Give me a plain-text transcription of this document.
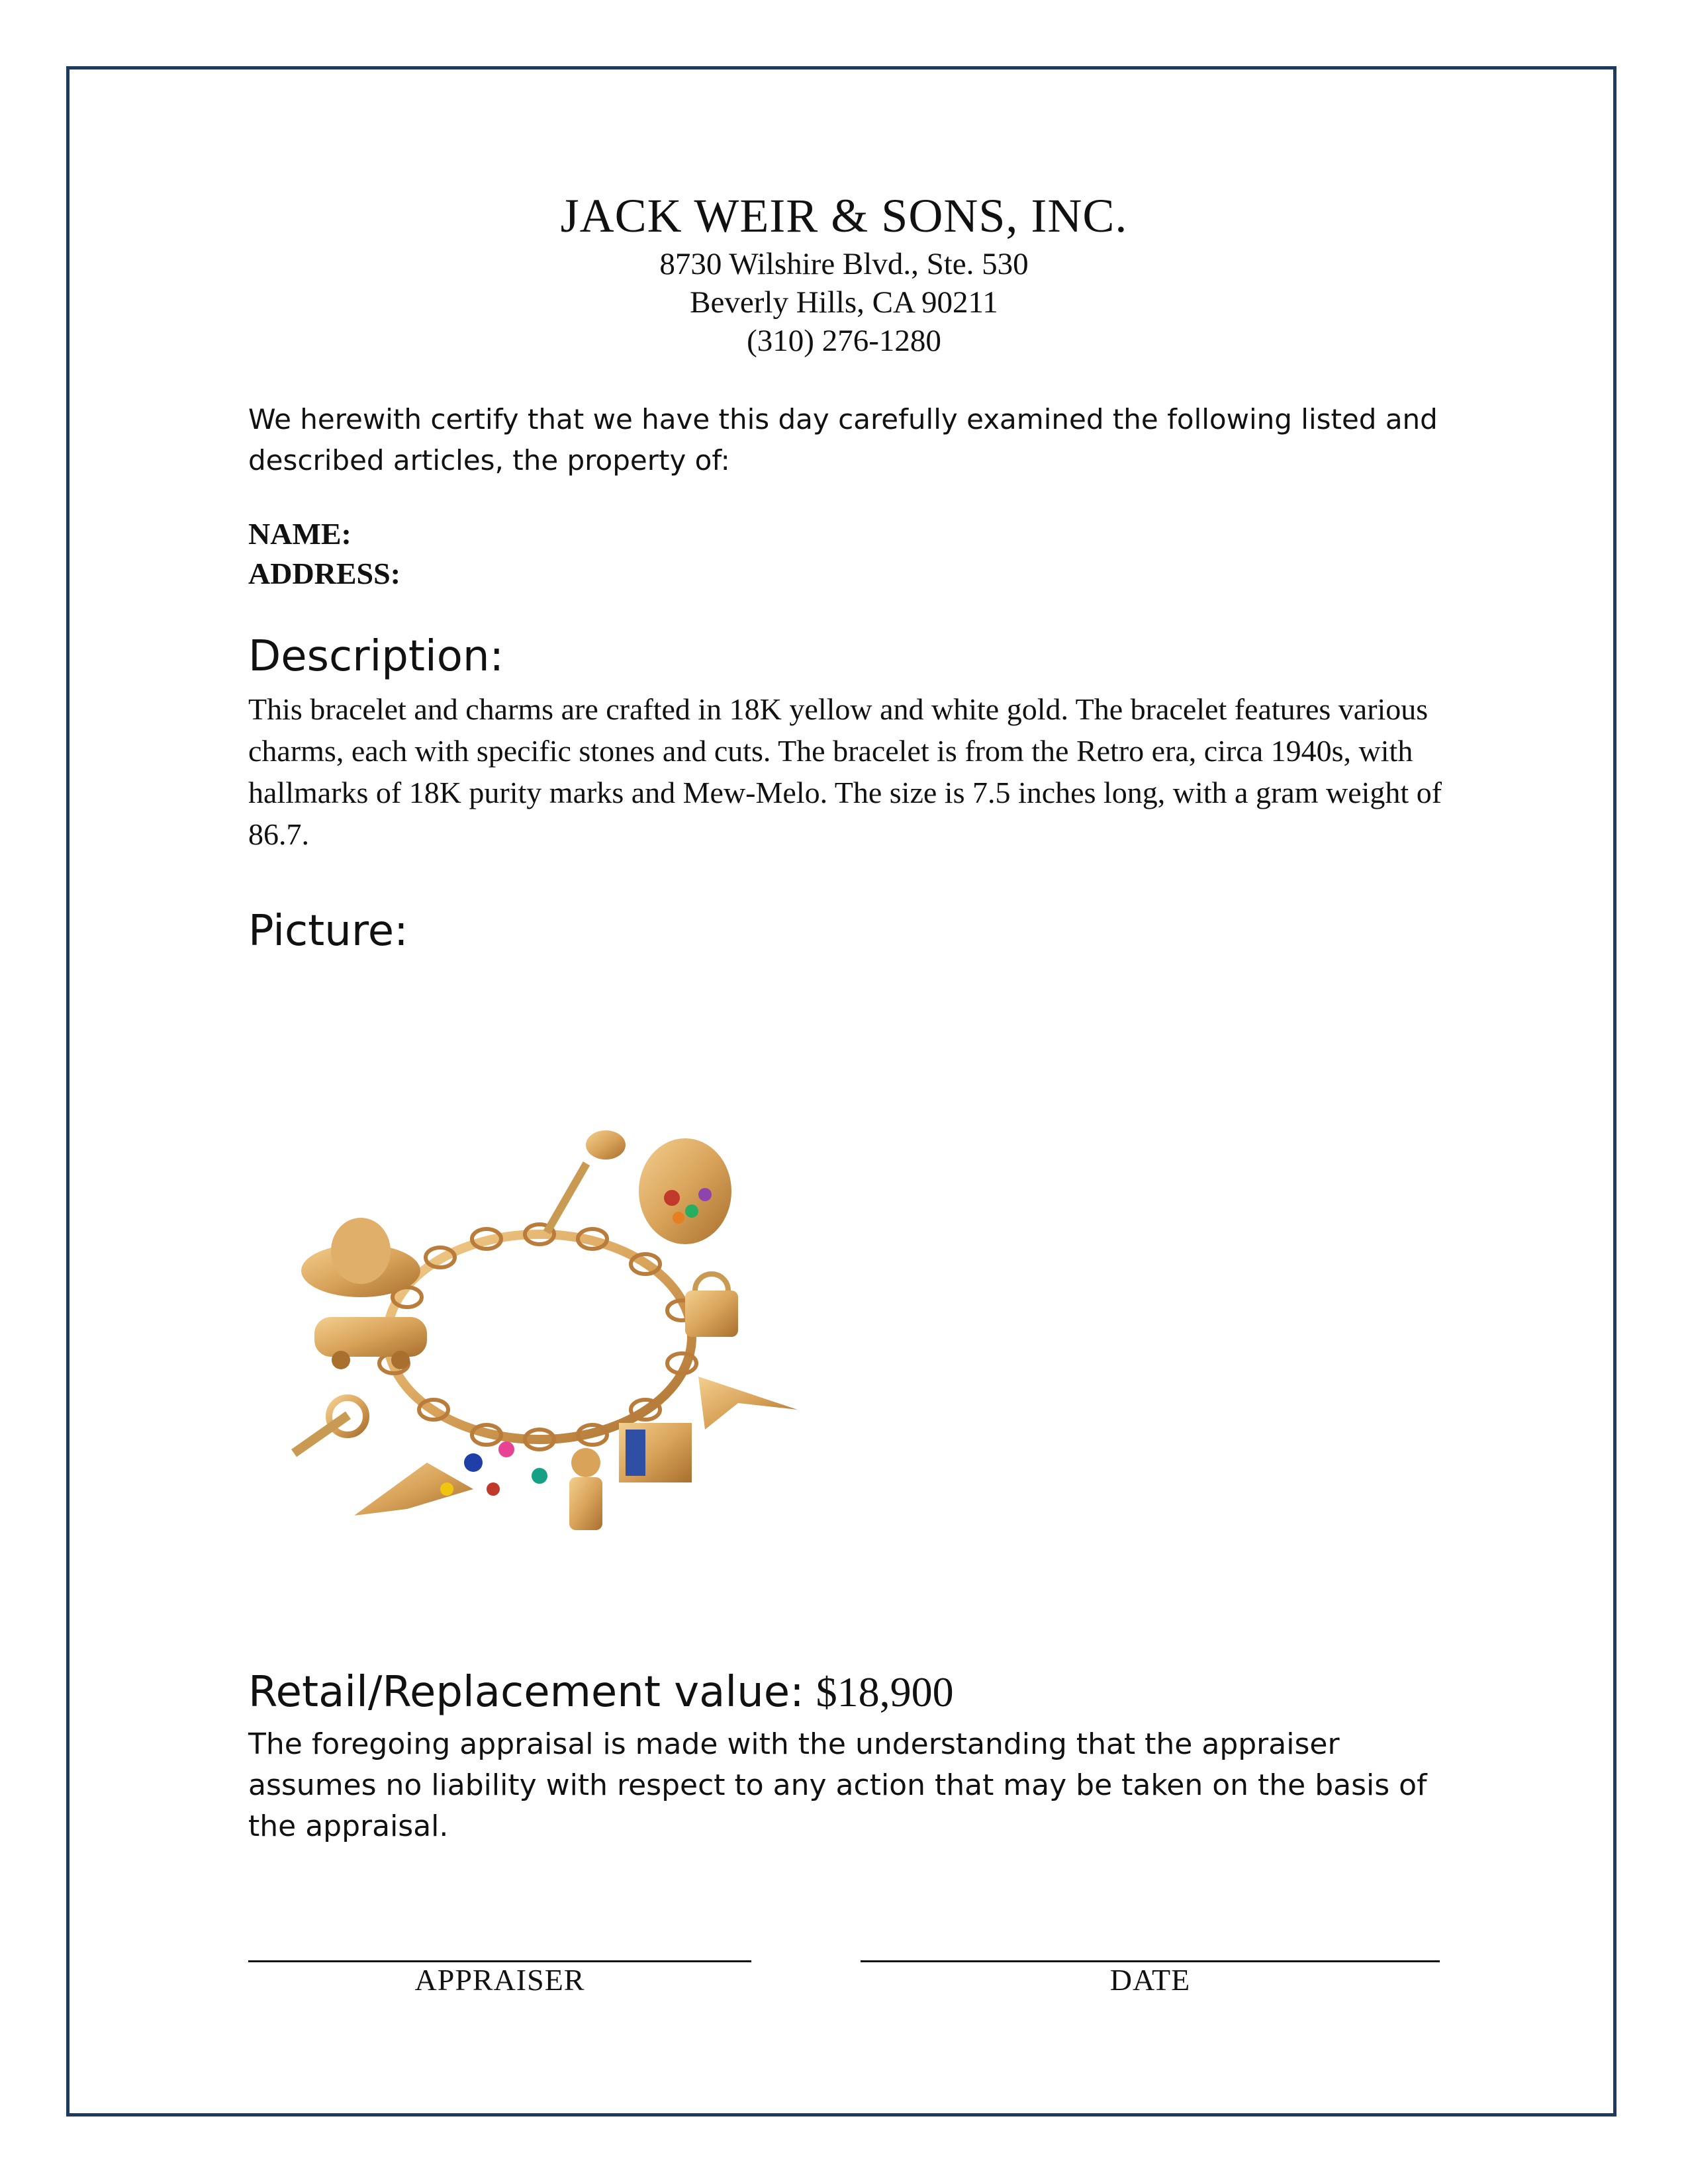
JACK WEIR & SONS, INC.
8730 Wilshire Blvd., Ste. 530
Beverly Hills, CA 90211
(310) 276-1280
We herewith certify that we have this day carefully examined the following listed and described articles, the property of:
NAME:
ADDRESS:
Description:
This bracelet and charms are crafted in 18K yellow and white gold. The bracelet features various charms, each with specific stones and cuts. The bracelet is from the Retro era, circa 1940s, with hallmarks of 18K purity marks and Mew-Melo. The size is 7.5 inches long, with a gram weight of 86.7.
Picture:
Retail/Replacement value: $18,900
The foregoing appraisal is made with the understanding that the appraiser assumes no liability with respect to any action that may be taken on the basis of the appraisal.
APPRAISER	DATE
